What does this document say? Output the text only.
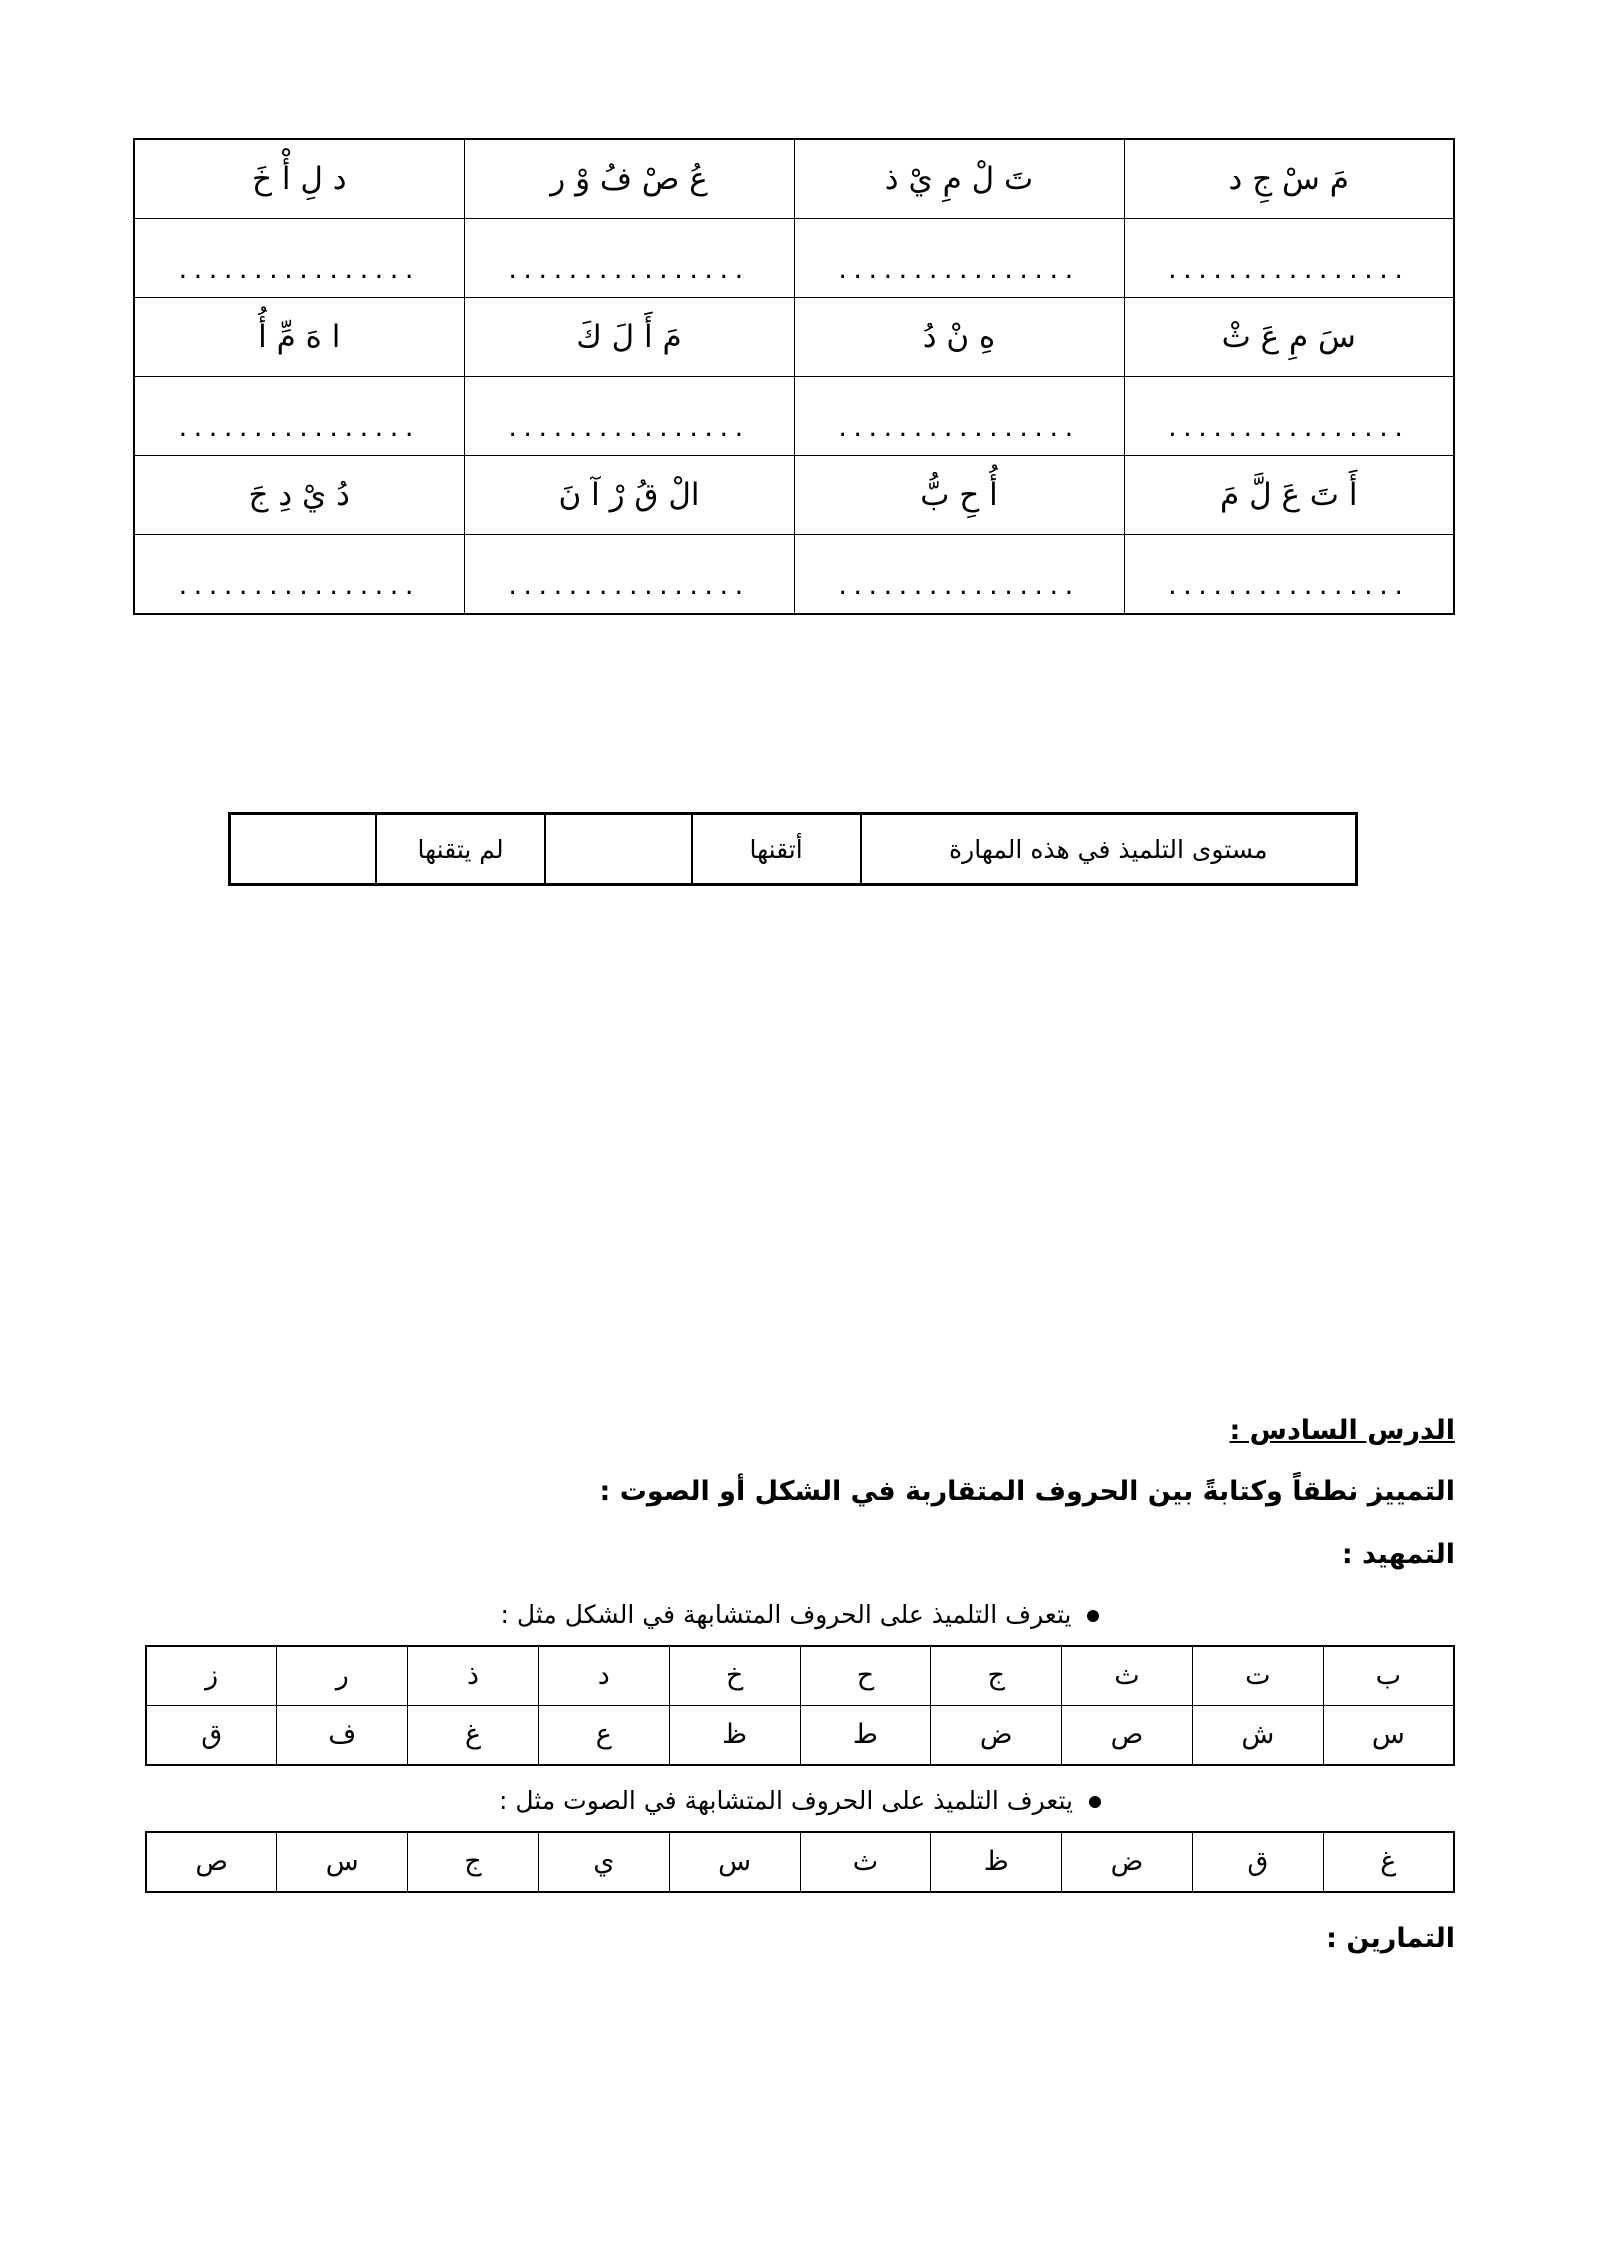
مَ سْ جِ د	تَ لْ مِ يْ ذ	عُ صْ فُ وْ ر	د لِ أْ خَ

................	................	................	................

سَ مِ عَ ثْ	هِ نْ دُ	مَ أَ لَ كَ	ا هَ مِّ أُ

................	................	................	................

أَ تَ عَ لَّ مَ	أُ حِ بُّ	الْ قُ رْ آ نَ	دُ يْ دِ جَ

................	................	................	................
مستوى التلميذ في هذه المهارة	أتقنها		لم يتقنها	
الدرس السادس :
التمييز نطقاً وكتابةً بين الحروف المتقاربة في الشكل أو الصوت :
التمهيد :
يتعرف التلميذ على الحروف المتشابهة في الشكل مثل :
ب	ت	ث	ج	ح	خ	د	ذ	ر	ز
س	ش	ص	ض	ط	ظ	ع	غ	ف	ق
يتعرف التلميذ على الحروف المتشابهة في الصوت مثل :
غ	ق	ض	ظ	ث	س	ي	ج	س	ص
التمارين :
